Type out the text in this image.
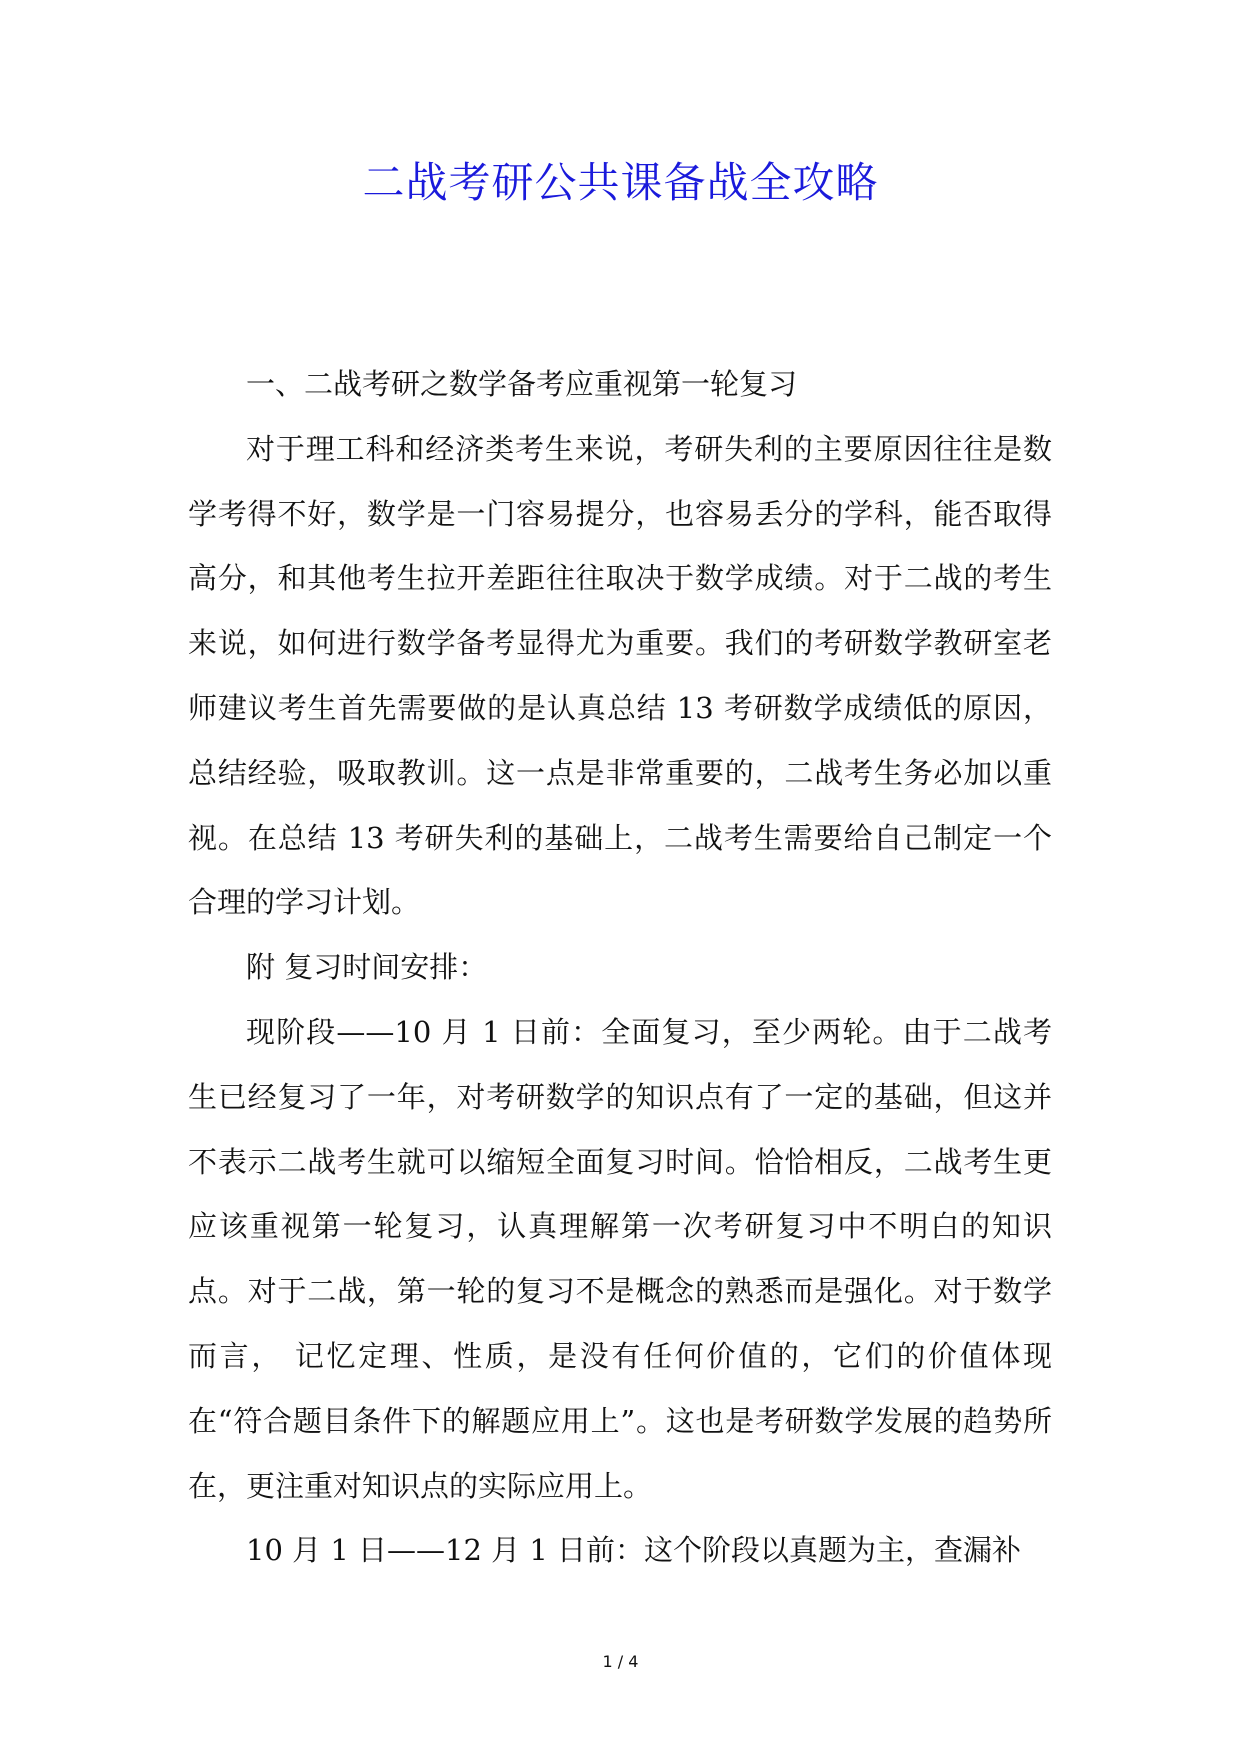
二战考研公共课备战全攻略

一、二战考研之数学备考应重视第一轮复习

对于理工科和经济类考生来说，考研失利的主要原因往往是数学考得不好，数学是一门容易提分，也容易丢分的学科，能否取得高分，和其他考生拉开差距往往取决于数学成绩。对于二战的考生来说，如何进行数学备考显得尤为重要。我们的考研数学教研室老师建议考生首先需要做的是认真总结 13 考研数学成绩低的原因，总结经验，吸取教训。这一点是非常重要的，二战考生务必加以重视。在总结 13 考研失利的基础上，二战考生需要给自己制定一个合理的学习计划。

附 复习时间安排：

现阶段——10 月 1 日前：全面复习，至少两轮。由于二战考生已经复习了一年，对考研数学的知识点有了一定的基础，但这并不表示二战考生就可以缩短全面复习时间。恰恰相反，二战考生更应该重视第一轮复习，认真理解第一次考研复习中不明白的知识点。对于二战，第一轮的复习不是概念的熟悉而是强化。对于数学而言， 记忆定理、性质，是没有任何价值的，它们的价值体现在“符合题目条件下的解题应用上”。这也是考研数学发展的趋势所在，更注重对知识点的实际应用上。

10 月 1 日——12 月 1 日前：这个阶段以真题为主，查漏补

1 / 4
